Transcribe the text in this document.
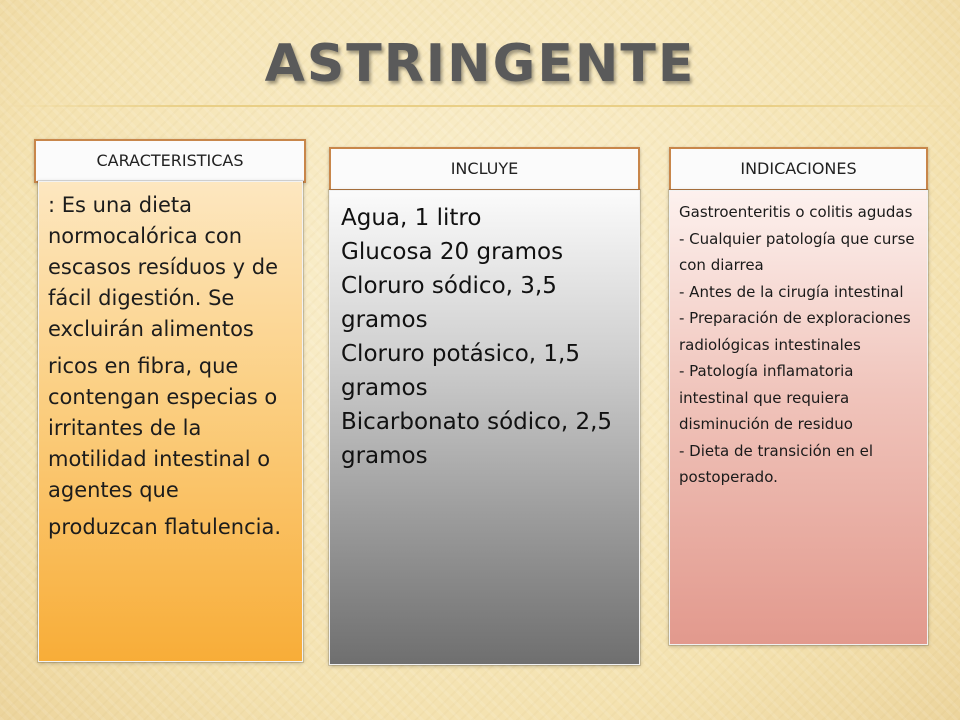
ASTRINGENTE
CARACTERISTICAS

: Es una dieta normocalórica con escasos resíduos y de fácil digestión. Se excluirán alimentos

ricos en fibra, que contengan especias o irritantes de la motilidad intestinal o agentes que

produzcan flatulencia.

INCLUYE
Agua, 1 litro
Glucosa 20 gramos
Cloruro sódico, 3,5 gramos
Cloruro potásico, 1,5 gramos
Bicarbonato sódico, 2,5 gramos
INDICACIONES
Gastroenteritis o colitis agudas
- Cualquier patología que curse con diarrea
- Antes de la cirugía intestinal
- Preparación de exploraciones radiológicas intestinales
- Patología inflamatoria intestinal que requiera disminución de residuo
- Dieta de transición en el postoperado.
